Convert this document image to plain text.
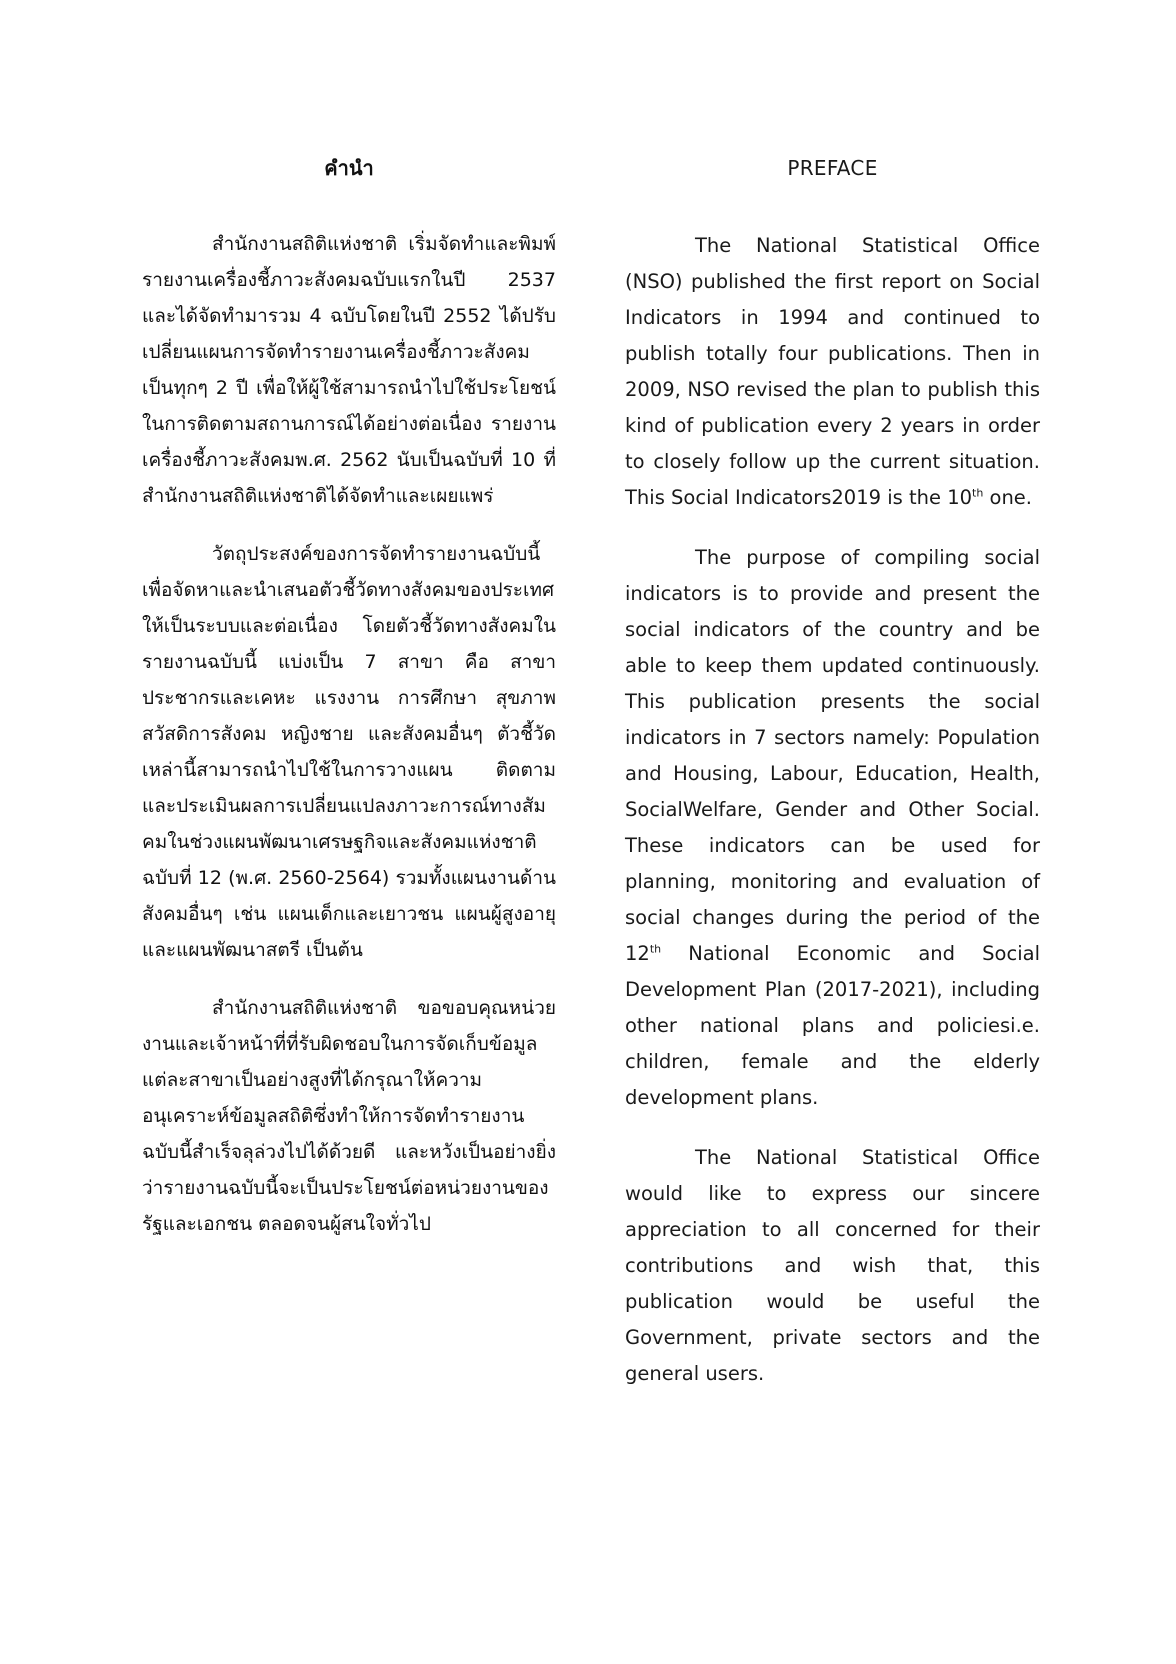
คำนำ

สำนักงานสถิติแห่งชาติ เริ่มจัดทำและพิมพ์รายงานเครื่องชี้ภาวะสังคมฉบับแรกในปี 2537 และได้จัดทำมารวม 4 ฉบับโดยในปี 2552 ได้ปรับเปลี่ยนแผนการจัดทำรายงานเครื่องชี้ภาวะสังคมเป็นทุกๆ 2 ปี เพื่อให้ผู้ใช้สามารถนำไปใช้ประโยชน์ในการติดตามสถานการณ์ได้อย่างต่อเนื่อง รายงานเครื่องชี้ภาวะสังคมพ.ศ. 2562 นับเป็นฉบับที่ 10 ที่สำนักงานสถิติแห่งชาติได้จัดทำและเผยแพร่

วัตถุประสงค์ของการจัดทำรายงานฉบับนี้ เพื่อจัดหาและนำเสนอตัวชี้วัดทางสังคมของประเทศ ให้เป็นระบบและต่อเนื่อง โดยตัวชี้วัดทางสังคมในรายงานฉบับนี้ แบ่งเป็น 7 สาขา คือ สาขาประชากรและเคหะ แรงงาน การศึกษา สุขภาพ สวัสดิการสังคม หญิงชาย และสังคมอื่นๆ ตัวชี้วัดเหล่านี้สามารถนำไปใช้ในการวางแผน ติดตาม และประเมินผลการเปลี่ยนแปลงภาวะการณ์ทางสัมคมในช่วงแผนพัฒนาเศรษฐกิจและสังคมแห่งชาติ ฉบับที่ 12 (พ.ศ. 2560-2564) รวมทั้งแผนงานด้านสังคมอื่นๆ เช่น แผนเด็กและเยาวชน แผนผู้สูงอายุ และแผนพัฒนาสตรี เป็นต้น

สำนักงานสถิติแห่งชาติ ขอขอบคุณหน่วยงานและเจ้าหน้าที่ที่รับผิดชอบในการจัดเก็บข้อมูลแต่ละสาขาเป็นอย่างสูงที่ได้กรุณาให้ความอนุเคราะห์ข้อมูลสถิติซึ่งทำให้การจัดทำรายงานฉบับนี้สำเร็จลุล่วงไปได้ด้วยดี และหวังเป็นอย่างยิ่งว่ารายงานฉบับนี้จะเป็นประโยชน์ต่อหน่วยงานของรัฐและเอกชน ตลอดจนผู้สนใจทั่วไป

PREFACE

The National Statistical Office (NSO) published the first report on Social Indicators in 1994 and continued to publish totally four publications. Then in 2009, NSO revised the plan to publish this kind of publication every 2 years in order to closely follow up the current situation. This Social Indicators2019 is the 10th one.

The purpose of compiling social indicators is to provide and present the social indicators of the country and be able to keep them updated continuously. This publication presents the social indicators in 7 sectors namely: Population and Housing, Labour, Education, Health, SocialWelfare, Gender and Other Social. These indicators can be used for planning, monitoring and evaluation of social changes during the period of the 12th National Economic and Social Development Plan (2017-2021), including other national plans and policiesi.e. children, female and the elderly development plans.

The National Statistical Office would like to express our sincere appreciation to all concerned for their contributions and wish that, this publication would be useful the Government, private sectors and the general users.
